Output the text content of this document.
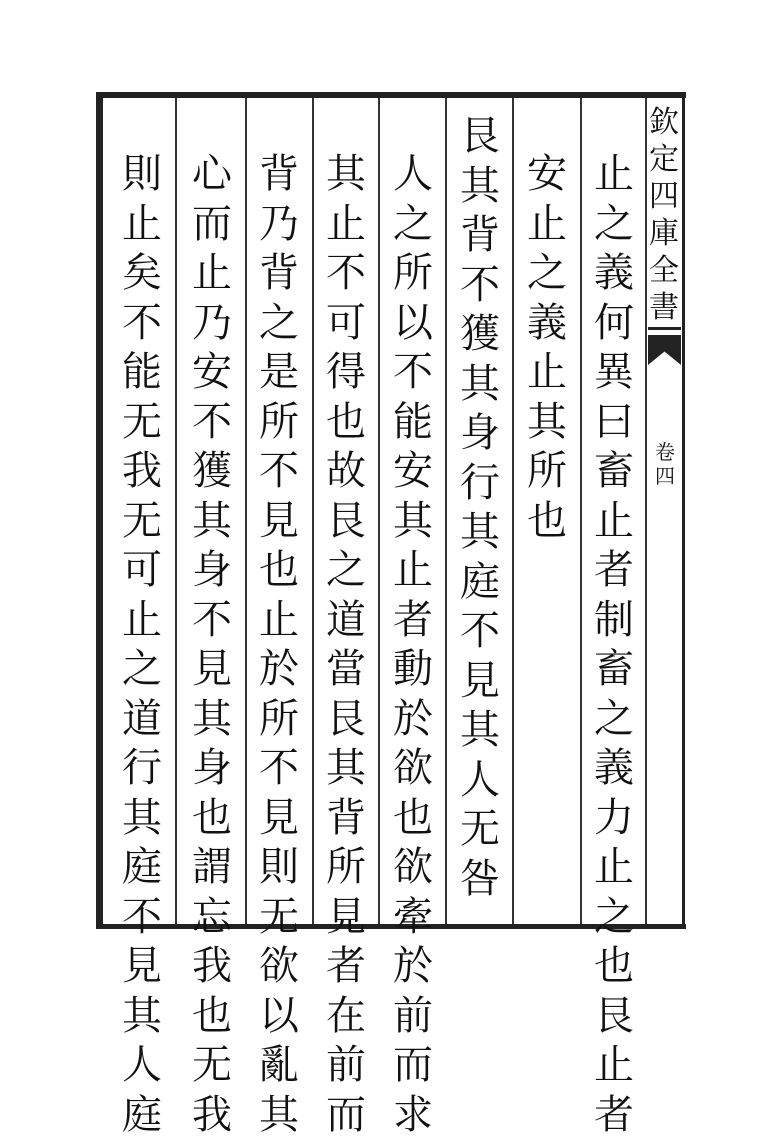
欽
定
四
庫
全
書
卷
四
止
之
義
何
異
曰
畜
止
者
制
畜
之
義
力
止
之
也
艮
止
者
安
止
之
義
止
其
所
也
艮
其
背
不
獲
其
身
行
其
庭
不
見
其
人
无
咎
人
之
所
以
不
能
安
其
止
者
動
於
欲
也
欲
牽
於
前
而
求
其
止
不
可
得
也
故
艮
之
道
當
艮
其
背
所
見
者
在
前
而
背
乃
背
之
是
所
不
見
也
止
於
所
不
見
則
无
欲
以
亂
其
心
而
止
乃
安
不
獲
其
身
不
見
其
身
也
謂
忘
我
也
无
我
則
止
矣
不
能
无
我
无
可
止
之
道
行
其
庭
不
見
其
人
庭
